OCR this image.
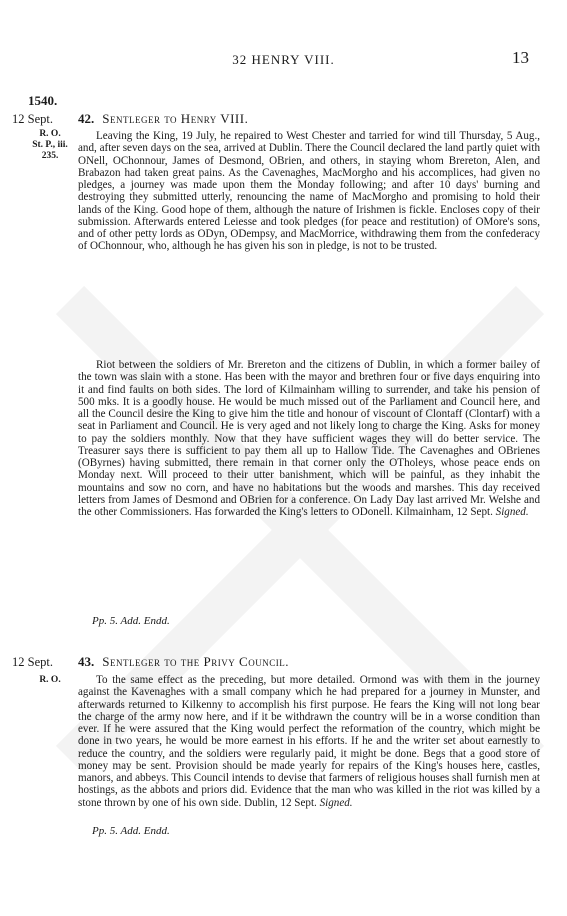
32 HENRY VIII.	13
1540.
12 Sept. 42. Sentleger to Henry VIII.
R. O.
St. P., iii.
235.

Leaving the King, 19 July, he repaired to West Chester and tarried for wind till Thursday, 5 Aug., and, after seven days on the sea, arrived at Dublin. There the Council declared the land partly quiet with ONell, OChonnour, James of Desmond, OBrien, and others, in staying whom Brereton, Alen, and Brabazon had taken great pains. As the Cavenaghes, MacMorgho and his accomplices, had given no pledges, a journey was made upon them the Monday following; and after 10 days' burning and destroying they submitted utterly, renouncing the name of MacMorgho and promising to hold their lands of the King. Good hope of them, although the nature of Irishmen is fickle. Encloses copy of their submission. Afterwards entered Leiesse and took pledges (for peace and restitution) of OMore's sons, and of other petty lords as ODyn, ODempsy, and MacMorrice, withdrawing them from the confederacy of OChonnour, who, although he has given his son in pledge, is not to be trusted.

Riot between the soldiers of Mr. Brereton and the citizens of Dublin, in which a former bailey of the town was slain with a stone. Has been with the mayor and brethren four or five days enquiring into it and find faults on both sides. The lord of Kilmainham willing to surrender, and take his pension of 500 mks. It is a goodly house. He would be much missed out of the Parliament and Council here, and all the Council desire the King to give him the title and honour of viscount of Clontaff (Clontarf) with a seat in Parliament and Council. He is very aged and not likely long to charge the King. Asks for money to pay the soldiers monthly. Now that they have sufficient wages they will do better service. The Treasurer says there is sufficient to pay them all up to Hallow Tide. The Cavenaghes and OBrienes (OByrnes) having submitted, there remain in that corner only the OTholeys, whose peace ends on Monday next. Will proceed to their utter banishment, which will be painful, as they inhabit the mountains and sow no corn, and have no habitations but the woods and marshes. This day received letters from James of Desmond and OBrien for a conference. On Lady Day last arrived Mr. Welshe and the other Commissioners. Has forwarded the King's letters to ODonell. Kilmainham, 12 Sept. Signed.

Pp. 5. Add. Endd.
12 Sept. 43. Sentleger to the Privy Council.
R. O.	To the same effect as the preceding, but more detailed. Ormond was with them in the journey against the Kavenaghes with a small company which he had prepared for a journey in Munster, and afterwards returned to Kilkenny to accomplish his first purpose. He fears the King will not long bear the charge of the army now here, and if it be withdrawn the country will be in a worse condition than ever. If he were assured that the King would perfect the reformation of the country, which might be done in two years, he would be more earnest in his efforts. If he and the writer set about earnestly to reduce the country, and the soldiers were regularly paid, it might be done. Begs that a good store of money may be sent. Provision should be made yearly for repairs of the King's houses here, castles, manors, and abbeys. This Council intends to devise that farmers of religious houses shall furnish men at hostings, as the abbots and priors did. Evidence that the man who was killed in the riot was killed by a stone thrown by one of his own side. Dublin, 12 Sept. Signed.

Pp. 5. Add. Endd.
